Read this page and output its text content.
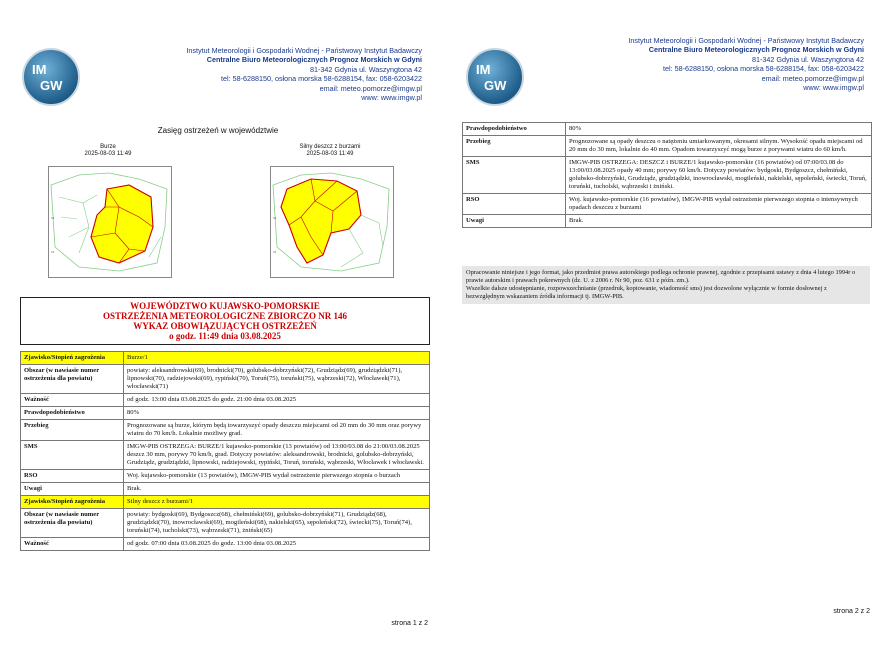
IM
GW
Instytut Meteorologii i Gospodarki Wodnej - Państwowy Instytut Badawczy
Centralne Biuro Meteorologicznych Prognoz Morskich w Gdyni
81-342 Gdynia ul. Waszyngtona 42
tel: 58-6288150, osłona morska 58-6288154, fax: 058-6203422
email: meteo.pomorze@imgw.pl
www: www.imgw.pl
Zasięg ostrzeżeń w województwie
Burze
2025-08-03 11:49
Silny deszcz z burzami
2025-08-03 11:49
54
53
54
53
WOJEWÓDZTWO KUJAWSKO-POMORSKIE
OSTRZEŻENIA METEOROLOGICZNE ZBIORCZO NR 146
WYKAZ OBOWIĄZUJĄCYCH OSTRZEŻEŃ
o godz. 11:49 dnia 03.08.2025
Zjawisko/Stopień zagrożenia	Burze/1
Obszar (w nawiasie numer ostrzeżenia dla powiatu)	powiaty: aleksandrowski(69), brodnicki(70), golubsko-dobrzyński(72), Grudziądz(69), grudziądzki(71), lipnowski(70), radziejowski(69), rypiński(70), Toruń(75), toruński(75), wąbrzeski(72), Włocławek(71), włocławski(71)
Ważność	od godz. 13:00 dnia 03.08.2025 do godz. 21:00 dnia 03.08.2025
Prawdopodobieństwo	80%
Przebieg	Prognozowane są burze, którym będą towarzyszyć opady deszczu miejscami od 20 mm do 30 mm oraz porywy wiatru do 70 km/h. Lokalnie możliwy grad.
SMS	IMGW-PIB OSTRZEGA: BURZE/1 kujawsko-pomorskie (13 powiatów) od 13:00/03.08 do 21:00/03.08.2025 deszcz 30 mm, porywy 70 km/h, grad. Dotyczy powiatów: aleksandrowski, brodnicki, golubsko-dobrzyński, Grudziądz, grudziądzki, lipnowski, radziejowski, rypiński, Toruń, toruński, wąbrzeski, Włocławek i włocławski.
RSO	Woj. kujawsko-pomorskie (13 powiatów), IMGW-PIB wydał ostrzeżenie pierwszego stopnia o burzach
Uwagi	Brak.
Zjawisko/Stopień zagrożenia	Silny deszcz z burzami/1
Obszar (w nawiasie numer ostrzeżenia dla powiatu)	powiaty: bydgoski(69), Bydgoszcz(68), chełmiński(69), golubsko-dobrzyński(71), Grudziądz(68), grudziądzki(70), inowrocławski(69), mogileński(68), nakielski(65), sępoleński(72), świecki(75), Toruń(74), toruński(74), tucholski(73), wąbrzeski(71), żniński(65)
Ważność	od godz. 07:00 dnia 03.08.2025 do godz. 13:00 dnia 03.08.2025
strona 1 z 2
IM
GW
Instytut Meteorologii i Gospodarki Wodnej - Państwowy Instytut Badawczy
Centralne Biuro Meteorologicznych Prognoz Morskich w Gdyni
81-342 Gdynia ul. Waszyngtona 42
tel: 58-6288150, osłona morska 58-6288154, fax: 058-6203422
email: meteo.pomorze@imgw.pl
www: www.imgw.pl
Prawdopodobieństwo	80%
Przebieg	Prognozowane są opady deszczu o natężeniu umiarkowanym, okresami silnym. Wysokość opadu miejscami od 20 mm do 30 mm, lokalnie do 40 mm. Opadom towarzyszyć mogą burze z porywami wiatru do 60 km/h.
SMS	IMGW-PIB OSTRZEGA: DESZCZ i BURZE/1 kujawsko-pomorskie (16 powiatów) od 07:00/03.08 do 13:00/03.08.2025 opady 40 mm; porywy 60 km/h. Dotyczy powiatów: bydgoski, Bydgoszcz, chełmiński, golubsko-dobrzyński, Grudziądz, grudziądzki, inowrocławski, mogileński, nakielski, sępoleński, świecki, Toruń, toruński, tucholski, wąbrzeski i żniński.
RSO	Woj. kujawsko-pomorskie (16 powiatów), IMGW-PIB wydał ostrzeżenie pierwszego stopnia o intensywnych opadach deszczu z burzami
Uwagi	Brak.
Opracowanie niniejsze i jego format, jako przedmiot prawa autorskiego podlega ochronie prawnej, zgodnie z przepisami ustawy z dnia 4 lutego 1994r o prawie autorskim i prawach pokrewnych (dz. U. z 2006 r. Nr 90, poz. 631 z późn. zm.).
Wszelkie dalsze udostępnianie, rozpowszechnianie (przedruk, kopiowanie, wiadomość sms) jest dozwolone wyłącznie w formie dosłownej z bezwzględnym wskazaniem źródła informacji tj. IMGW-PIB.
strona 2 z 2
